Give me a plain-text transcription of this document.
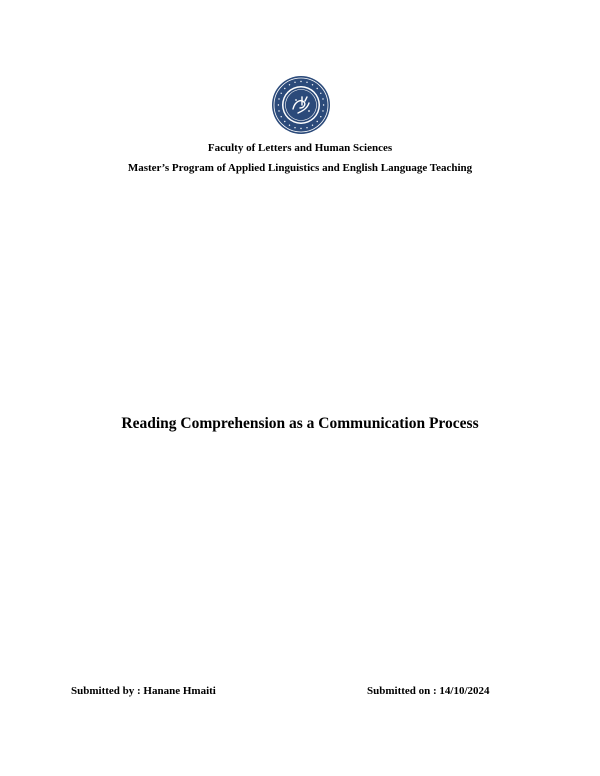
Faculty of Letters and Human Sciences
Master’s Program of Applied Linguistics and English Language Teaching
Reading Comprehension as a Communication Process
Submitted by : Hanane Hmaiti	Submitted on : 14/10/2024
